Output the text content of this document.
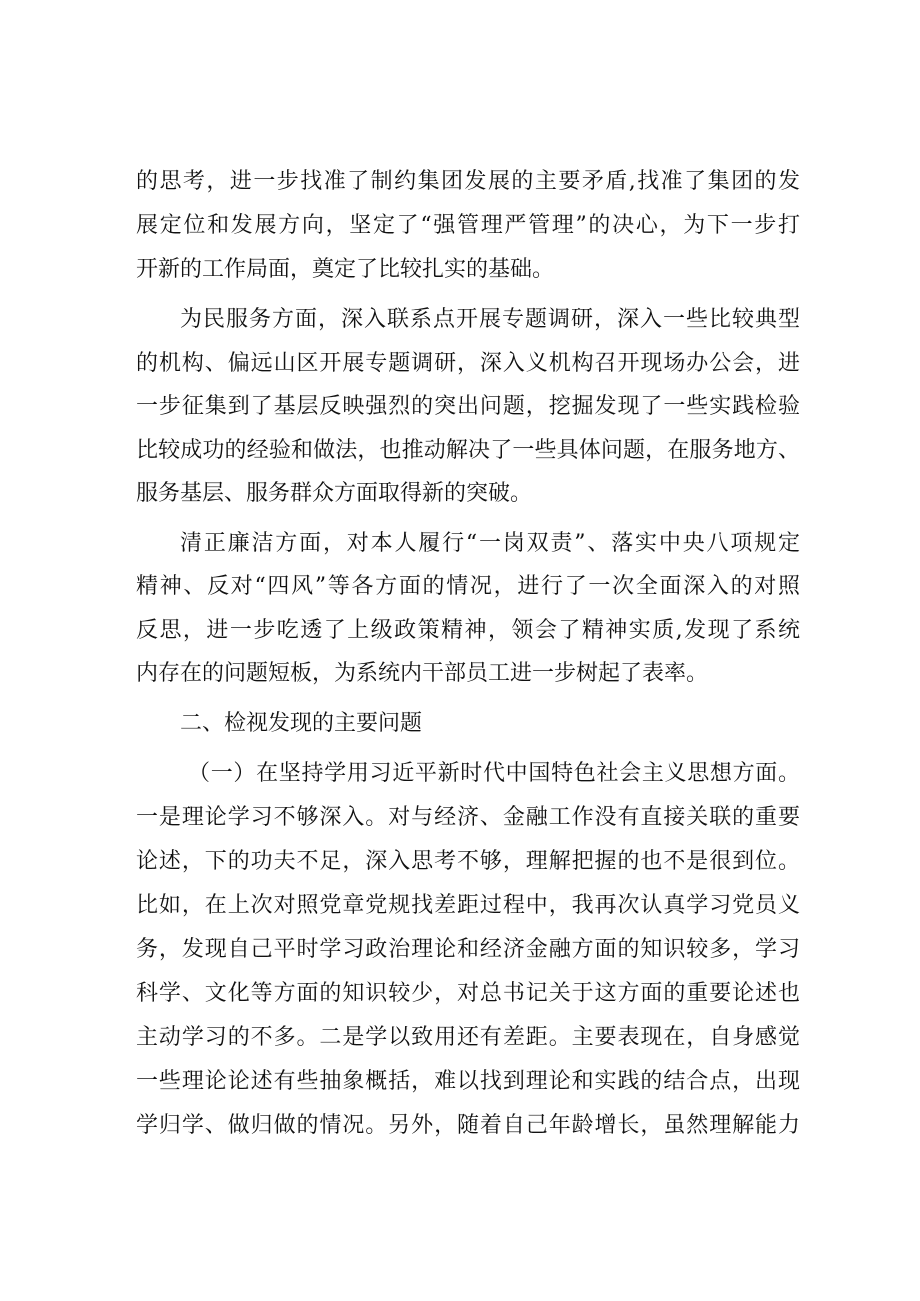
的思考，进一步找准了制约集团发展的主要矛盾,找准了集团的发
展定位和发展方向，坚定了“强管理严管理”的决心，为下一步打
开新的工作局面，奠定了比较扎实的基础。
为民服务方面，深入联系点开展专题调研，深入一些比较典型
的机构、偏远山区开展专题调研，深入义机构召开现场办公会，进
一步征集到了基层反映强烈的突出问题，挖掘发现了一些实践检验
比较成功的经验和做法，也推动解决了一些具体问题，在服务地方、
服务基层、服务群众方面取得新的突破。
清正廉洁方面，对本人履行“一岗双责”、落实中央八项规定
精神、反对“四风”等各方面的情况，进行了一次全面深入的对照
反思，进一步吃透了上级政策精神，领会了精神实质,发现了系统
内存在的问题短板，为系统内干部员工进一步树起了表率。
二、检视发现的主要问题
（一）在坚持学用习近平新时代中国特色社会主义思想方面。
一是理论学习不够深入。对与经济、金融工作没有直接关联的重要
论述，下的功夫不足，深入思考不够，理解把握的也不是很到位。
比如，在上次对照党章党规找差距过程中，我再次认真学习党员义
务，发现自己平时学习政治理论和经济金融方面的知识较多，学习
科学、文化等方面的知识较少，对总书记关于这方面的重要论述也
主动学习的不多。二是学以致用还有差距。主要表现在，自身感觉
一些理论论述有些抽象概括，难以找到理论和实践的结合点，出现
学归学、做归做的情况。另外，随着自己年龄增长，虽然理解能力
